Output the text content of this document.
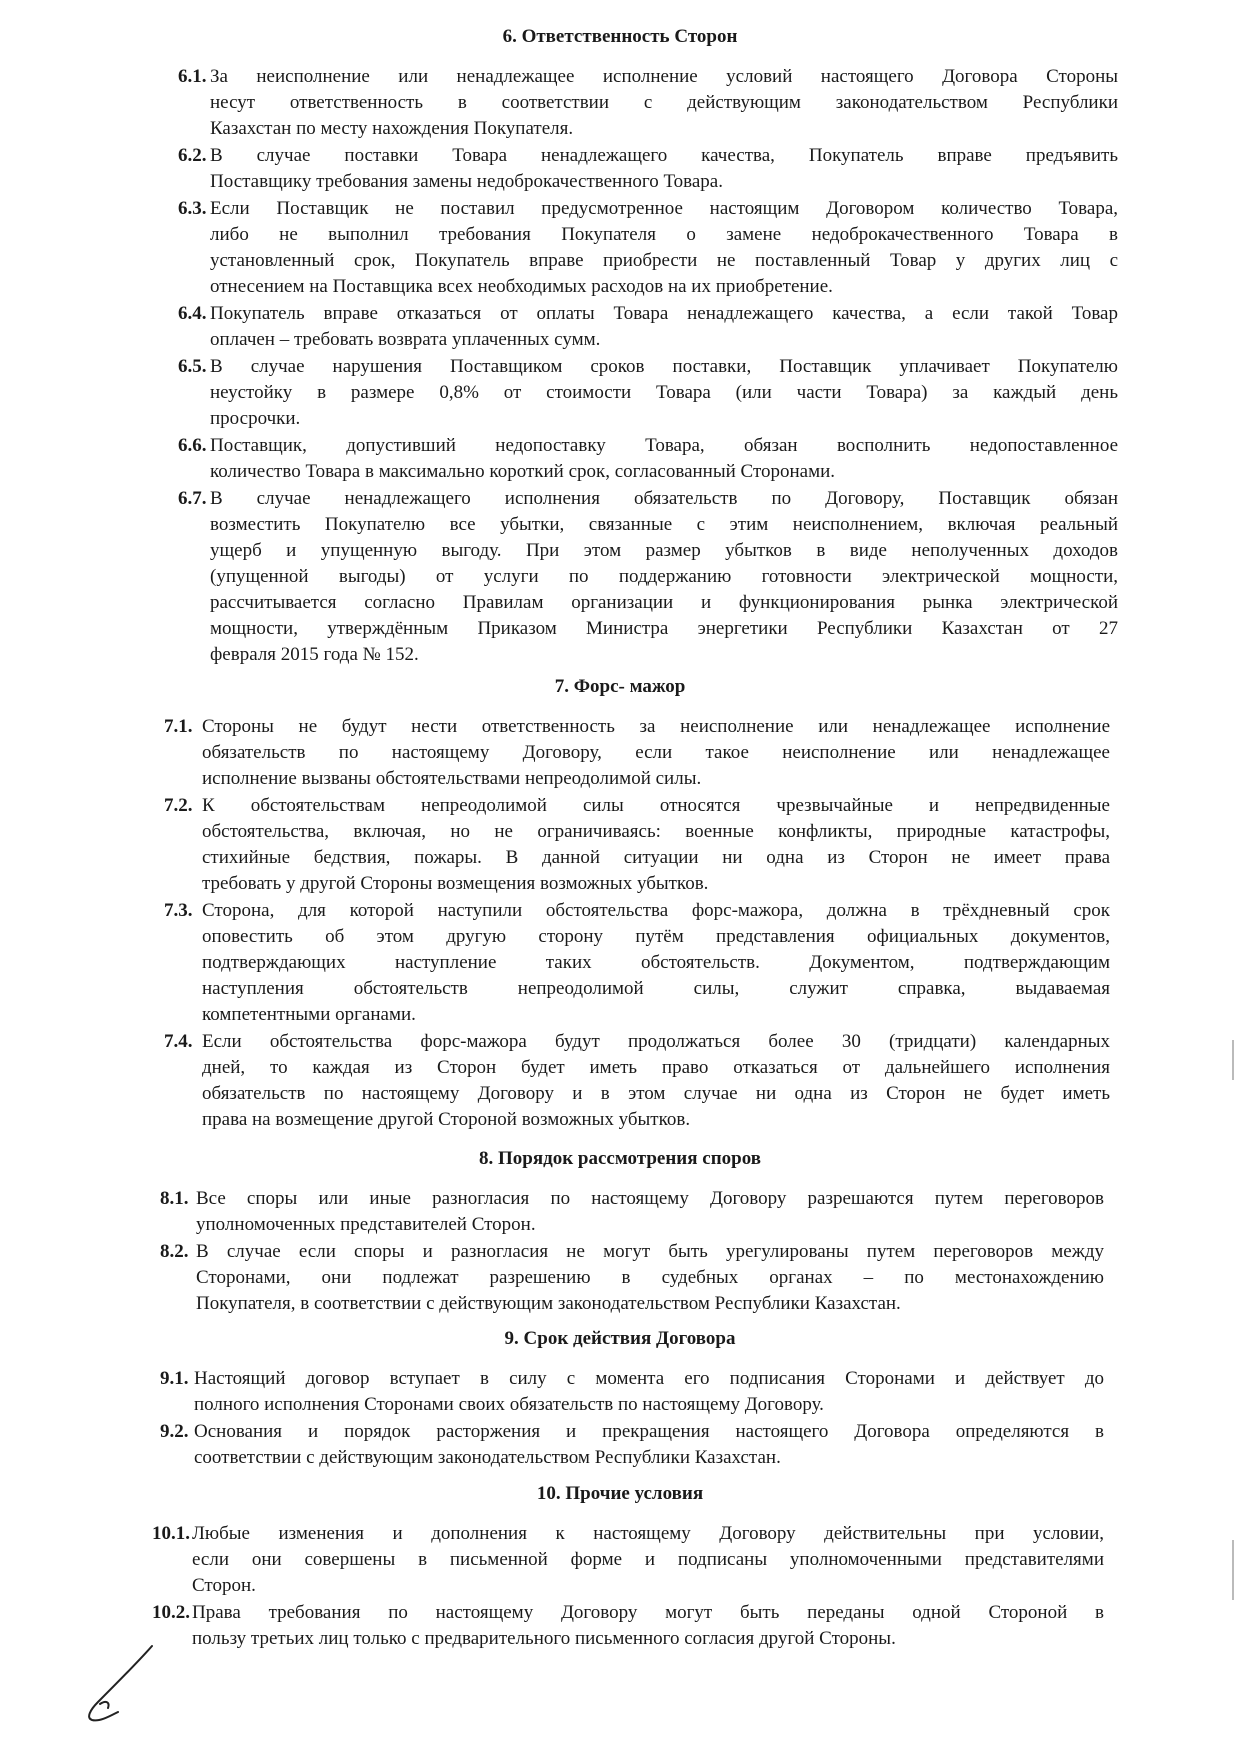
6. Ответственность Сторон
6.1. За неисполнение или ненадлежащее исполнение условий настоящего Договора Стороны
несут ответственность в соответствии с действующим законодательством Республики
Казахстан по месту нахождения Покупателя.
6.2. В случае поставки Товара ненадлежащего качества, Покупатель вправе предъявить
Поставщику требования замены недоброкачественного Товара.
6.3. Если Поставщик не поставил предусмотренное настоящим Договором количество Товара,
либо не выполнил требования Покупателя о замене недоброкачественного Товара в
установленный срок, Покупатель вправе приобрести не поставленный Товар у других лиц с
отнесением на Поставщика всех необходимых расходов на их приобретение.
6.4. Покупатель вправе отказаться от оплаты Товара ненадлежащего качества, а если такой Товар
оплачен – требовать возврата уплаченных сумм.
6.5. В случае нарушения Поставщиком сроков поставки, Поставщик уплачивает Покупателю
неустойку в размере 0,8% от стоимости Товара (или части Товара) за каждый день
просрочки.
6.6. Поставщик, допустивший недопоставку Товара, обязан восполнить недопоставленное
количество Товара в максимально короткий срок, согласованный Сторонами.
6.7. В случае ненадлежащего исполнения обязательств по Договору, Поставщик обязан
возместить Покупателю все убытки, связанные с этим неисполнением, включая реальный
ущерб и упущенную выгоду. При этом размер убытков в виде неполученных доходов
(упущенной выгоды) от услуги по поддержанию готовности электрической мощности,
рассчитывается согласно Правилам организации и функционирования рынка электрической
мощности, утверждённым Приказом Министра энергетики Республики Казахстан от 27
февраля 2015 года № 152.
7. Форс- мажор
7.1. Стороны не будут нести ответственность за неисполнение или ненадлежащее исполнение
обязательств по настоящему Договору, если такое неисполнение или ненадлежащее
исполнение вызваны обстоятельствами непреодолимой силы.
7.2. К обстоятельствам непреодолимой силы относятся чрезвычайные и непредвиденные
обстоятельства, включая, но не ограничиваясь: военные конфликты, природные катастрофы,
стихийные бедствия, пожары. В данной ситуации ни одна из Сторон не имеет права
требовать у другой Стороны возмещения возможных убытков.
7.3. Сторона, для которой наступили обстоятельства форс-мажора, должна в трёхдневный срок
оповестить об этом другую сторону путём представления официальных документов,
подтверждающих наступление таких обстоятельств. Документом, подтверждающим
наступления обстоятельств непреодолимой силы, служит справка, выдаваемая
компетентными органами.
7.4. Если обстоятельства форс-мажора будут продолжаться более 30 (тридцати) календарных
дней, то каждая из Сторон будет иметь право отказаться от дальнейшего исполнения
обязательств по настоящему Договору и в этом случае ни одна из Сторон не будет иметь
права на возмещение другой Стороной возможных убытков.
8. Порядок рассмотрения споров
8.1. Все споры или иные разногласия по настоящему Договору разрешаются путем переговоров
уполномоченных представителей Сторон.
8.2. В случае если споры и разногласия не могут быть урегулированы путем переговоров между
Сторонами, они подлежат разрешению в судебных органах – по местонахождению
Покупателя, в соответствии с действующим законодательством Республики Казахстан.
9. Срок действия Договора
9.1. Настоящий договор вступает в силу с момента его подписания Сторонами и действует до
полного исполнения Сторонами своих обязательств по настоящему Договору.
9.2. Основания и порядок расторжения и прекращения настоящего Договора определяются в
соответствии с действующим законодательством Республики Казахстан.
10. Прочие условия
10.1. Любые изменения и дополнения к настоящему Договору действительны при условии,
если они совершены в письменной форме и подписаны уполномоченными представителями
Сторон.
10.2. Права требования по настоящему Договору могут быть переданы одной Стороной в
пользу третьих лиц только с предварительного письменного согласия другой Стороны.
